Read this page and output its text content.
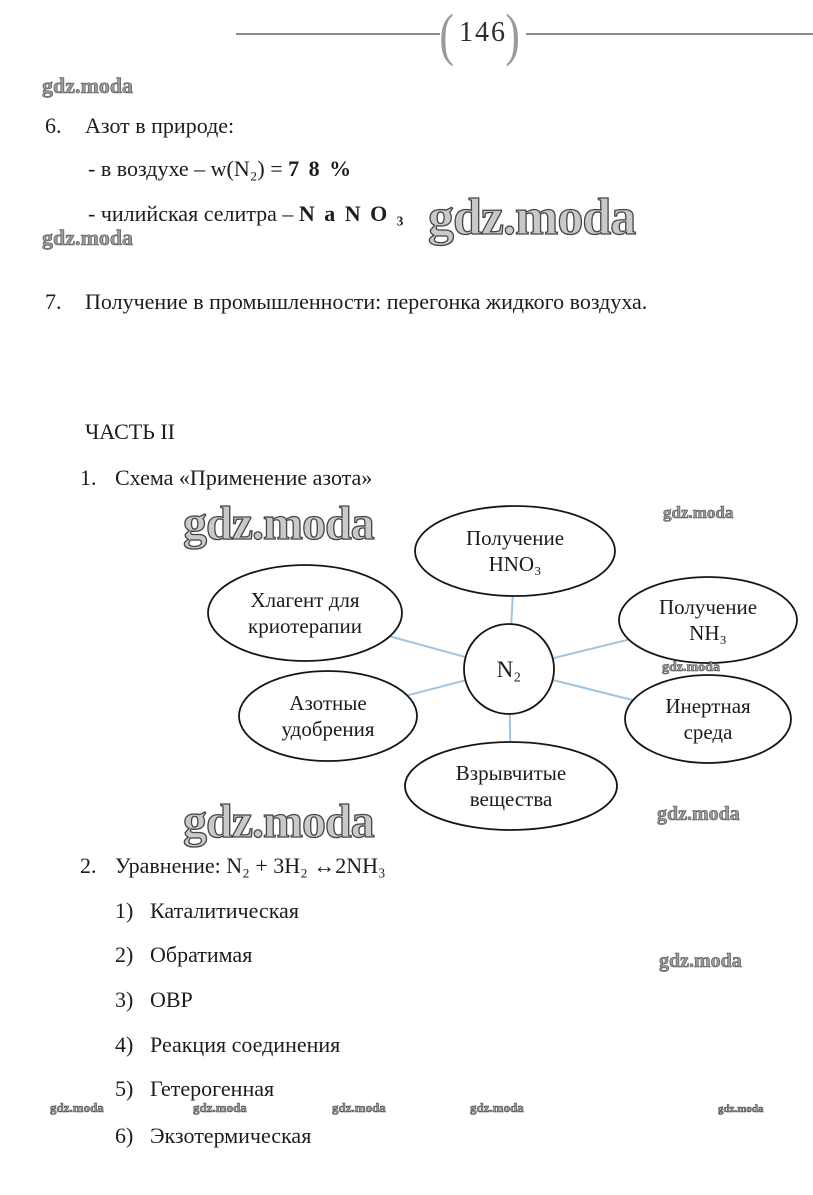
( 146
)
gdz.moda
gdz.moda
gdz.moda
6. Азот в природе:
- в воздухе – w(N₂) = 7 8 %
- чилийская селитра – N a N O ₃
7. Получение в промышленности: перегонка жидкого воздуха.
ЧАСТЬ II
1. Схема «Применение азота»
Получение
HNO₃
Хлагент для
криотерапии
Получение
NH₃
Азотные
удобрения
Инертная
среда
Взрывчитые
вещества
N₂
gdz.moda	gdz.moda
gdz.moda
gdz.moda	gdz.moda
2. Уравнение: N₂ + 3H₂ ↔2NH₃
1) Каталитическая
2) Обратимая
3) ОВР
4) Реакция соединения
5) Гетерогенная
6) Экзотермическая
gdz.moda
gdz.moda	gdz.moda	gdz.moda	gdz.moda	gdz.moda
